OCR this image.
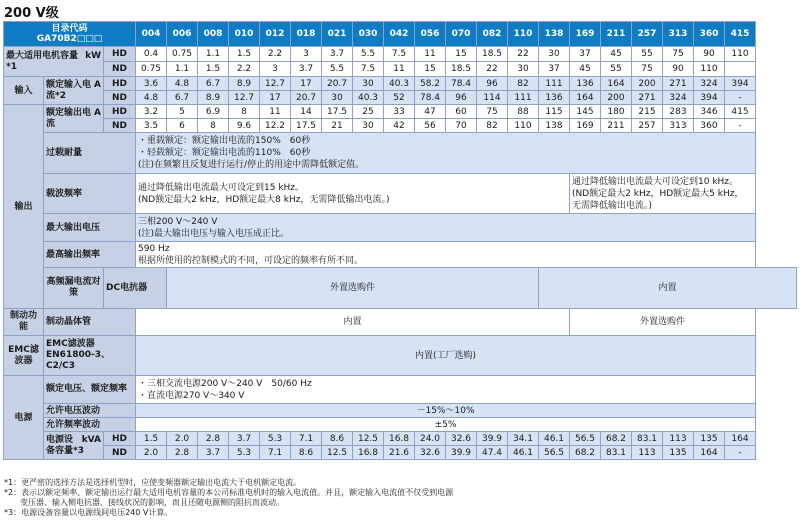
200 V级
目录代码
GA70B2□□□			004	006	008	010	012	018	021	030	042	056	070	082	110	138	169	211	257	313	360	415

kW
最大适用电机容量*1		HD	0.4	0.75	1.1	1.5	2.2	3	3.7	5.5	7.5	11	15	18.5	22	30	37	45	55	75	90	110
		ND	0.75	1.1	1.5	2.2	3	3.7	5.5	7.5	11	15	18.5	22	30	37	45	55	75	90	110	
输入	A
额定输入电流*2	HD	3.6	4.8	6.7	8.9	12.7	17	20.7	30	40.3	58.2	78.4	96	82	111	136	164	200	271	324	394
		ND	4.8	6.7	8.9	12.7	17	20.7	30	40.3	52	78.4	96	114	111	136	164	200	271	324	394	-
输出	A
额定输出电流	HD	3.2	5	6.9	8	11	14	17.5	25	33	47	60	75	88	115	145	180	215	283	346	415
		ND	3.5	6	8	9.6	12.2	17.5	21	30	42	56	70	82	110	138	169	211	257	313	360	-
	过载耐量		・重载额定：额定输出电流的150%　60秒
・轻载额定：额定输出电流的110%　60秒
(注)在频繁且反复进行运行/停止的用途中需降低额定值。																			

	载波频率		通过降低输出电流最大可设定到15 kHz。
(ND额定最大2 kHz，HD额定最大8 kHz，无需降低输出电流。)														通过降低输出电流最大可设定到10 kHz。
(ND额定最大2 kHz，HD额定最大5 kHz，
无需降低输出电流。)					

	最大输出电压		三相200 V～240 V
(注)最大输出电压与输入电压成正比。																			

	最高输出频率		590 Hz
根据所使用的控制模式的不同，可设定的频率有所不同。																			

	高频漏电流对策	DC电抗器		外置选购件												内置						
制动功能	制动晶体管		内置														外置选购件					
EMC滤波器	EMC滤波器EN61800-3、C2/C3		内置(工厂选购)																			
电源	额定电压、额定频率		・三相交流电源200 V～240 V　50/60 Hz
・直流电源270 V～340 V																			

	允许电压波动		－15%～10%																			
	允许频率波动		±5%																			

	kVA
电源设备容量*3	HD	1.5	2.0	2.8	3.7	5.3	7.1	8.6	12.5	16.8	24.0	32.6	39.9	34.1	46.1	56.5	68.2	83.1	113	135	164
		ND	2.0	2.8	3.7	5.3	7.1	8.6	12.5	16.8	21.6	32.6	39.9	47.4	46.1	56.5	68.2	83.1	113	135	164	-
*1：更严密的选择方法是选择机型时，应使变频器额定输出电流大于电机额定电流。
*2：表示以额定频率、额定输出运行最大适用电机容量的本公司标准电机时的输入电流值。并且，额定输入电流值不仅受到电源
　　变压器、输入侧电抗器、接线状况的影响，而且还随电源侧的阻抗而波动。
*3：电源设备容量以电源线间电压240 V计算。
